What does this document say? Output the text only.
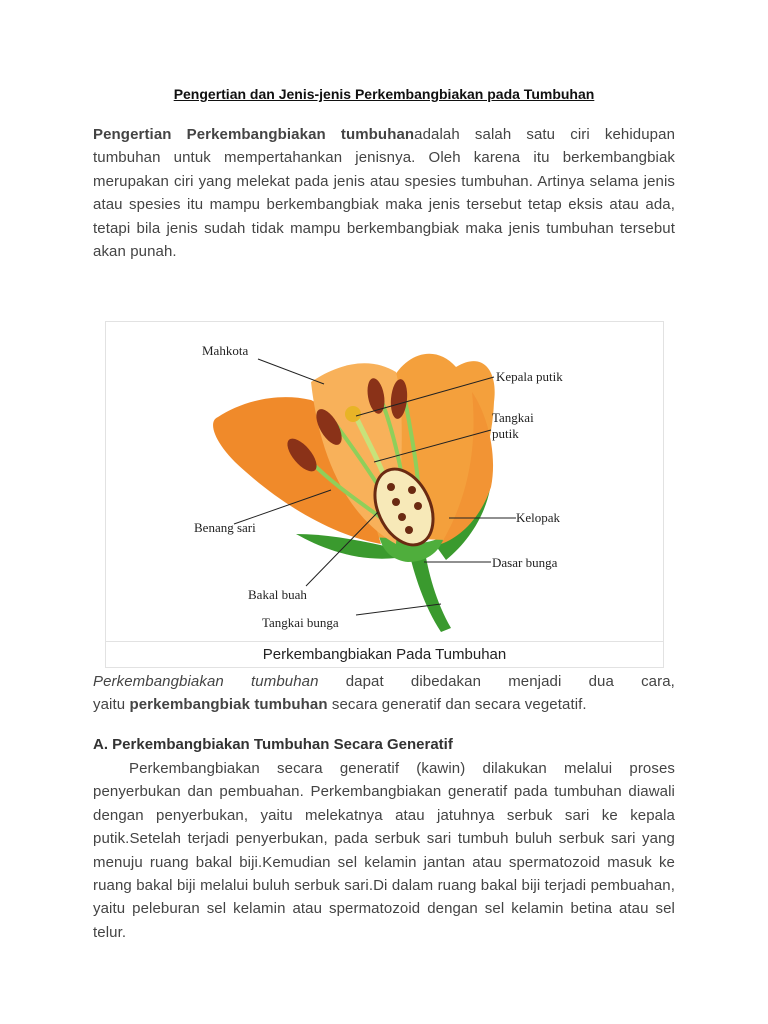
Pengertian dan Jenis-jenis Perkembangbiakan pada Tumbuhan
Pengertian Perkembangbiakan tumbuhanadalah salah satu ciri kehidupan tumbuhan untuk mempertahankan jenisnya. Oleh karena itu berkembangbiak merupakan ciri yang melekat pada jenis atau spesies tumbuhan. Artinya selama jenis atau spesies itu mampu berkembangbiak maka jenis tersebut tetap eksis atau ada, tetapi bila jenis sudah tidak mampu berkembangbiak maka jenis tumbuhan tersebut akan punah.
Mahkota
Kepala putik
Tangkai
putik
Benang sari
Kelopak
Dasar bunga
Bakal buah
Tangkai bunga
Perkembangbiakan Pada Tumbuhan
Perkembangbiakan tumbuhan dapat dibedakan menjadi dua cara,
yaitu perkembangbiak tumbuhan secara generatif dan secara vegetatif.
A. Perkembangbiakan Tumbuhan Secara Generatif
Perkembangbiakan secara generatif (kawin) dilakukan melalui proses penyerbukan dan pembuahan. Perkembangbiakan generatif pada tumbuhan diawali dengan penyerbukan, yaitu melekatnya atau jatuhnya serbuk sari ke kepala putik.Setelah terjadi penyerbukan, pada serbuk sari tumbuh buluh serbuk sari yang menuju ruang bakal biji.Kemudian sel kelamin jantan atau spermatozoid masuk ke ruang bakal biji melalui buluh serbuk sari.Di dalam ruang bakal biji terjadi pembuahan, yaitu peleburan sel kelamin atau spermatozoid dengan sel kelamin betina atau sel telur.
